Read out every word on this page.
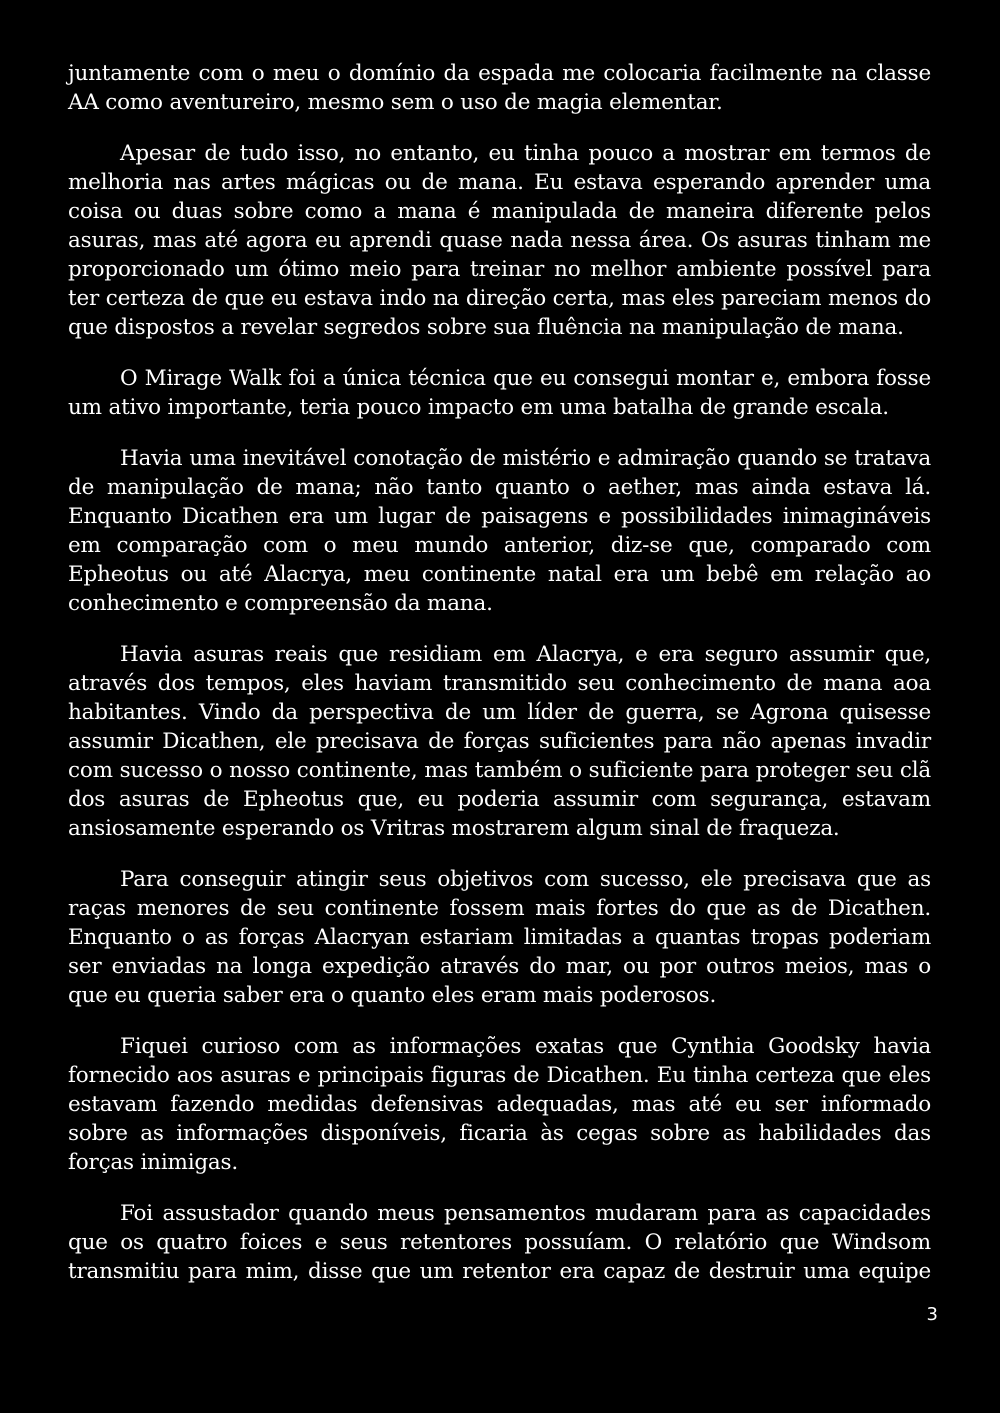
juntamente com o meu o domínio da espada me colocaria facilmente na classe AA como aventureiro, mesmo sem o uso de magia elementar.

Apesar de tudo isso, no entanto, eu tinha pouco a mostrar em termos de melhoria nas artes mágicas ou de mana. Eu estava esperando aprender uma coisa ou duas sobre como a mana é manipulada de maneira diferente pelos asuras, mas até agora eu aprendi quase nada nessa área. Os asuras tinham me proporcionado um ótimo meio para treinar no melhor ambiente possível para ter certeza de que eu estava indo na direção certa, mas eles pareciam menos do que dispostos a revelar segredos sobre sua fluência na manipulação de mana.

O Mirage Walk foi a única técnica que eu consegui montar e, embora fosse um ativo importante, teria pouco impacto em uma batalha de grande escala.

Havia uma inevitável conotação de mistério e admiração quando se tratava de manipulação de mana; não tanto quanto o aether, mas ainda estava lá. Enquanto Dicathen era um lugar de paisagens e possibilidades inimagináveis em comparação com o meu mundo anterior, diz-se que, comparado com Epheotus ou até Alacrya, meu continente natal era um bebê em relação ao conhecimento e compreensão da mana.

Havia asuras reais que residiam em Alacrya, e era seguro assumir que, através dos tempos, eles haviam transmitido seu conhecimento de mana aoa habitantes. Vindo da perspectiva de um líder de guerra, se Agrona quisesse assumir Dicathen, ele precisava de forças suficientes para não apenas invadir com sucesso o nosso continente, mas também o suficiente para proteger seu clã dos asuras de Epheotus que, eu poderia assumir com segurança, estavam ansiosamente esperando os Vritras mostrarem algum sinal de fraqueza.

Para conseguir atingir seus objetivos com sucesso, ele precisava que as raças menores de seu continente fossem mais fortes do que as de Dicathen. Enquanto o as forças Alacryan estariam limitadas a quantas tropas poderiam ser enviadas na longa expedição através do mar, ou por outros meios, mas o que eu queria saber era o quanto eles eram mais poderosos.

Fiquei curioso com as informações exatas que Cynthia Goodsky havia fornecido aos asuras e principais figuras de Dicathen. Eu tinha certeza que eles estavam fazendo medidas defensivas adequadas, mas até eu ser informado sobre as informações disponíveis, ficaria às cegas sobre as habilidades das forças inimigas.

Foi assustador quando meus pensamentos mudaram para as capacidades que os quatro foices e seus retentores possuíam. O relatório que Windsom transmitiu para mim, disse que um retentor era capaz de destruir uma equipe

3
